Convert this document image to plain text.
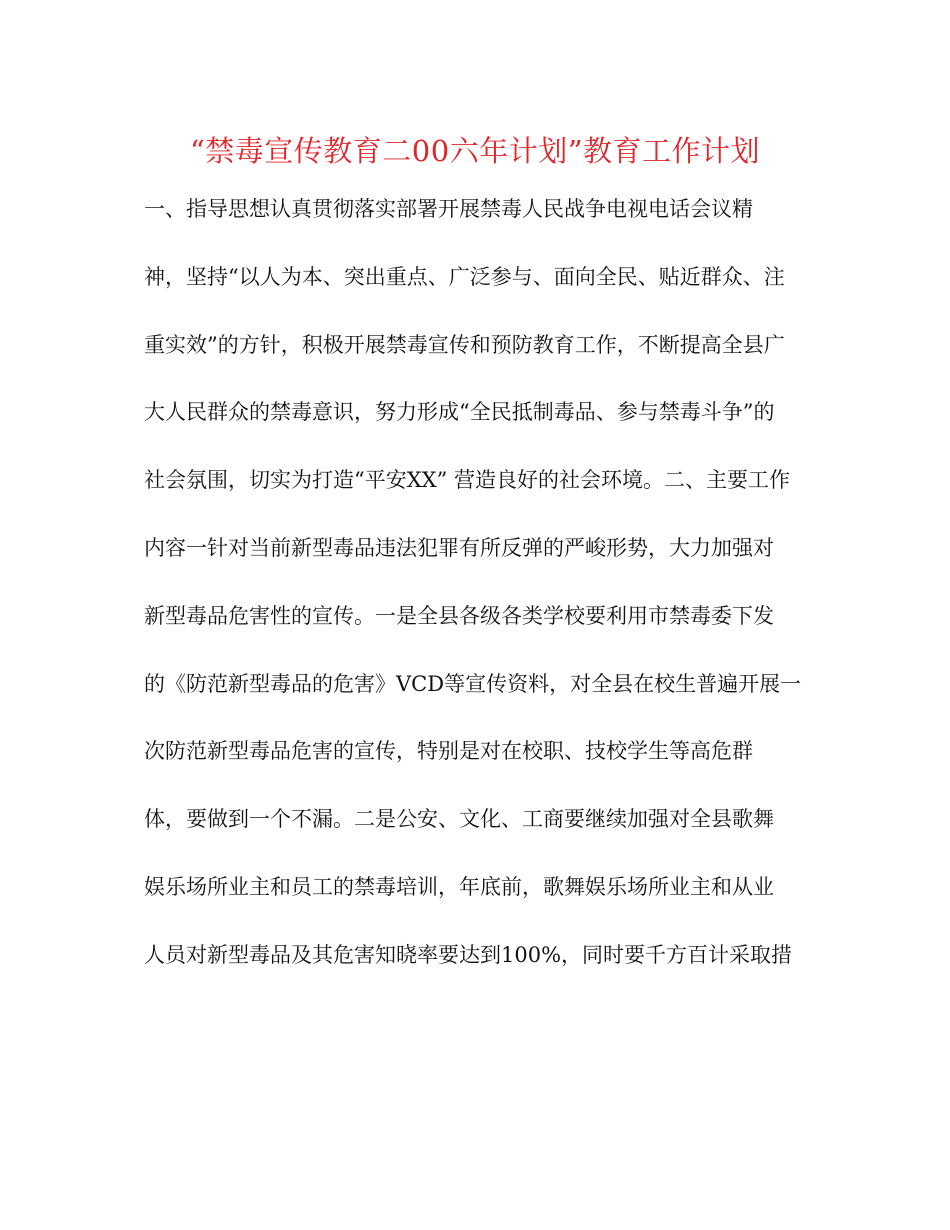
“禁毒宣传教育二00六年计划”教育工作计划
一、指导思想认真贯彻落实部署开展禁毒人民战争电视电话会议精
神，坚持“以人为本、突出重点、广泛参与、面向全民、贴近群众、注
重实效”的方针，积极开展禁毒宣传和预防教育工作，不断提高全县广
大人民群众的禁毒意识，努力形成“全民抵制毒品、参与禁毒斗争”的
社会氛围，切实为打造“平安XX” 营造良好的社会环境。二、主要工作
内容一针对当前新型毒品违法犯罪有所反弹的严峻形势，大力加强对
新型毒品危害性的宣传。一是全县各级各类学校要利用市禁毒委下发
的《防范新型毒品的危害》VCD等宣传资料，对全县在校生普遍开展一
次防范新型毒品危害的宣传，特别是对在校职、技校学生等高危群
体，要做到一个不漏。二是公安、文化、工商要继续加强对全县歌舞
娱乐场所业主和员工的禁毒培训，年底前，歌舞娱乐场所业主和从业
人员对新型毒品及其危害知晓率要达到100%，同时要千方百计采取措
